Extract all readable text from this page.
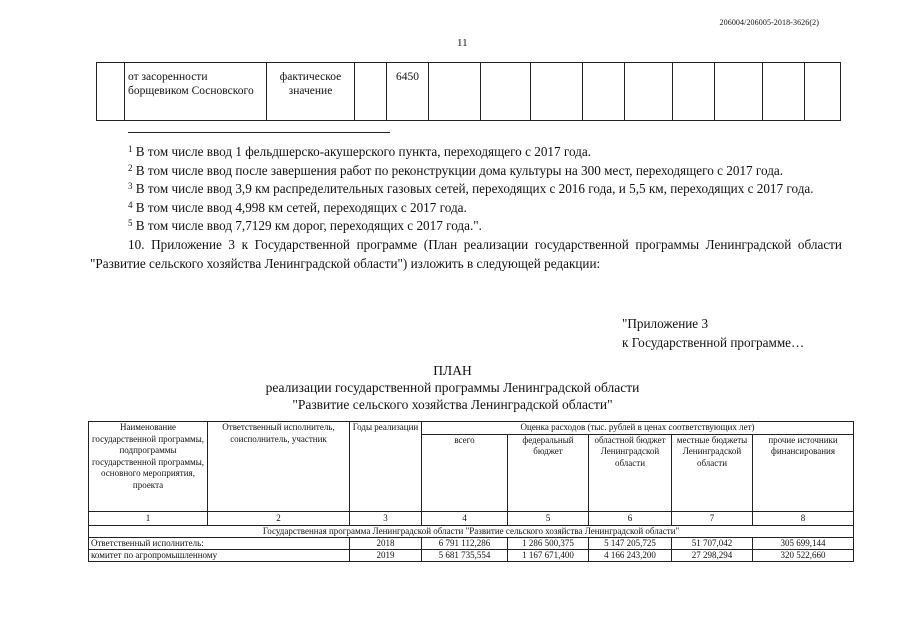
206004/206005-2018-3626(2)
11
	от засоренности борщевиком Сосновского	фактическое значение		6450									

$^1$ В том числе ввод 1 фельдшерско-акушерского пункта, переходящего с 2017 года.

$^2$ В том числе ввод после завершения работ по реконструкции дома культуры на 300 мест, переходящего с 2017 года.

$^3$ В том числе ввод 3,9 км распределительных газовых сетей, переходящих с 2016 года, и 5,5 км, переходящих с 2017 года.

$^4$ В том числе ввод 4,998 км сетей, переходящих с 2017 года.

$^5$ В том числе ввод 7,7129 км дорог, переходящих с 2017 года.".

10. Приложение 3 к Государственной программе (План реализации государственной программы Ленинградской области "Развитие сельского хозяйства Ленинградской области") изложить в следующей редакции:

"Приложение 3
к Государственной программе…
ПЛАН
реализации государственной программы Ленинградской области
"Развитие сельского хозяйства Ленинградской области"
Наименование государственной программы, подпрограммы государственной программы, основного мероприятия, проекта	Ответственный исполнитель, соисполнитель, участник	Годы реализации	Оценка расходов (тыс. рублей в ценах соответствующих лет)				
			всего	федеральный бюджет	областной бюджет Ленинградской области	местные бюджеты Ленинградской области	прочие источники финансирования
1	2	3	4	5	6	7	8
Государственная программа Ленинградской области "Развитие сельского хозяйства Ленинградской области"							
Ответственный исполнитель:		2018	6 791 112,286	1 286 500,375	5 147 205,725	51 707,042	305 699,144
комитет по агропромышленному		2019	5 681 735,554	1 167 671,400	4 166 243,200	27 298,294	320 522,660
